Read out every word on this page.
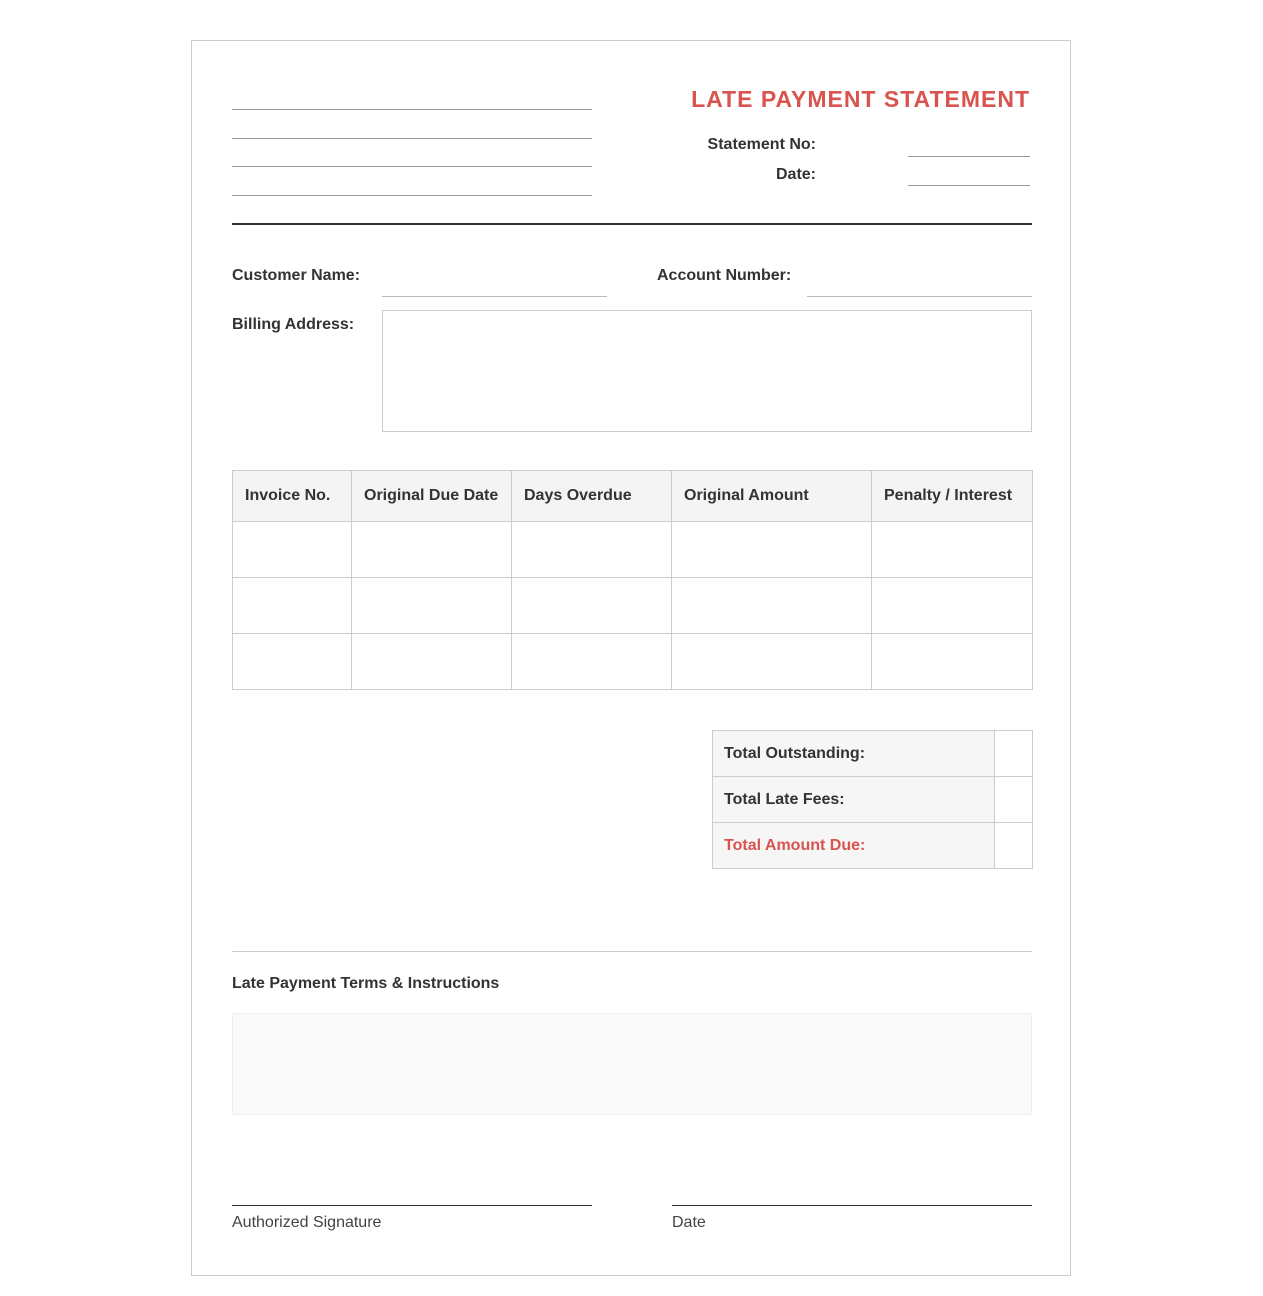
LATE PAYMENT STATEMENT
Statement No:
Date:
Customer Name:	Account Number:
Billing Address:
Invoice No.	Original Due Date	Days Overdue	Original Amount	Penalty / Interest

Total Outstanding:	
Total Late Fees:	
Total Amount Due:	
Late Payment Terms & Instructions
Authorized Signature	Date
